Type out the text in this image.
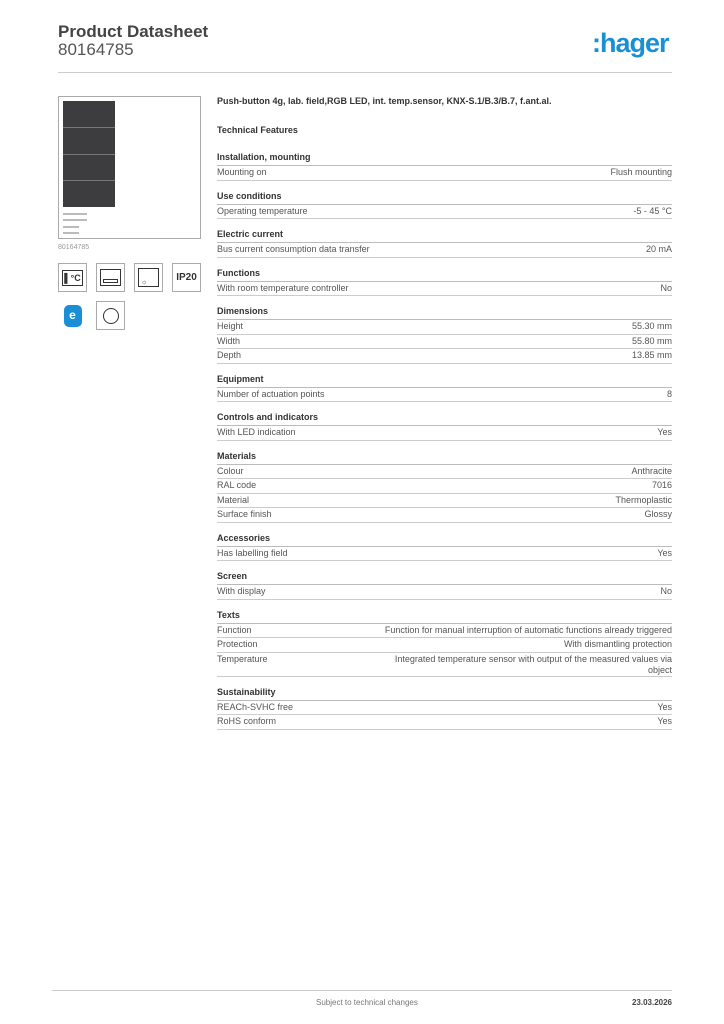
Product Datasheet
80164785	:hager
80164785
▌°C	☼	IP20
e
Push-button 4g, lab. field,RGB LED, int. temp.sensor, KNX-S.1/B.3/B.7, f.ant.al.
Technical Features
Installation, mounting
Mounting on	Flush mounting
Use conditions
Operating temperature	-5 - 45 °C
Electric current
Bus current consumption data transfer	20 mA
Functions
With room temperature controller	No
Dimensions
Height	55.30 mm
Width	55.80 mm
Depth	13.85 mm
Equipment
Number of actuation points	8
Controls and indicators
With LED indication	Yes
Materials
Colour	Anthracite
RAL code	7016
Material	Thermoplastic
Surface finish	Glossy
Accessories
Has labelling field	Yes
Screen
With display	No
Texts
Function	Function for manual interruption of automatic functions already triggered
Protection	With dismantling protection
Temperature	Integrated temperature sensor with output of the measured values via object
Sustainability
REACh-SVHC free	Yes
RoHS conform	Yes
Subject to technical changes	23.03.2026
